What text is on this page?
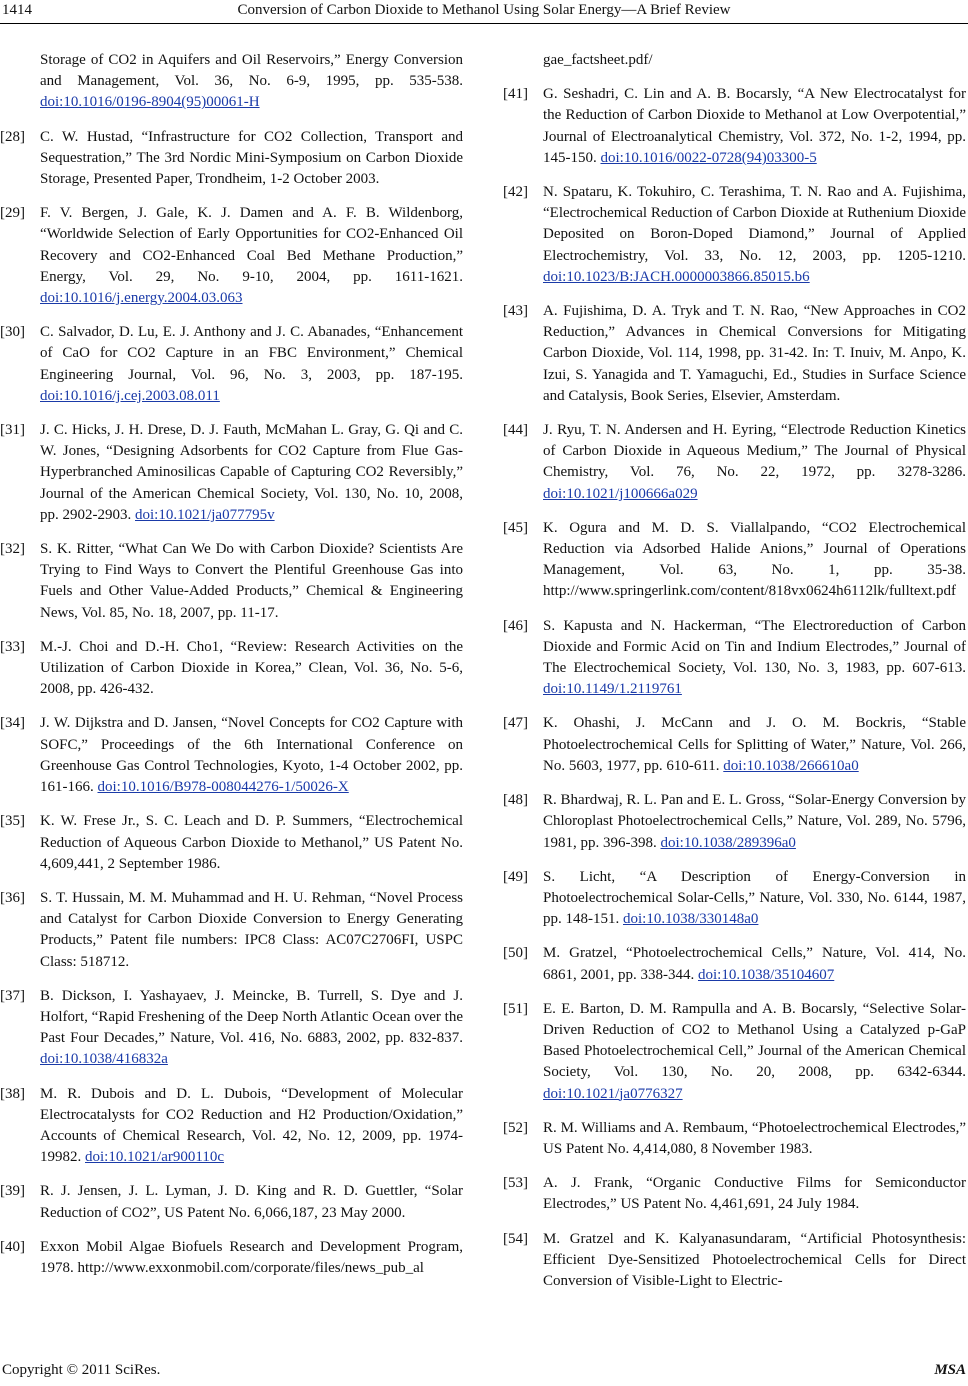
1414	Conversion of Carbon Dioxide to Methanol Using Solar Energy—A Brief Review
Storage of CO2 in Aquifers and Oil Reservoirs,” Energy Conversion and Management, Vol. 36, No. 6-9, 1995, pp. 535-538. doi:10.1016/0196-8904(95)00061-H
[28] C. W. Hustad, “Infrastructure for CO2 Collection, Transport and Sequestration,” The 3rd Nordic Mini-Symposium on Carbon Dioxide Storage, Presented Paper, Trondheim, 1-2 October 2003.
[29] F. V. Bergen, J. Gale, K. J. Damen and A. F. B. Wildenborg, “Worldwide Selection of Early Opportunities for CO2-Enhanced Oil Recovery and CO2-Enhanced Coal Bed Methane Production,” Energy, Vol. 29, No. 9-10, 2004, pp. 1611-1621. doi:10.1016/j.energy.2004.03.063
[30] C. Salvador, D. Lu, E. J. Anthony and J. C. Abanades, “Enhancement of CaO for CO2 Capture in an FBC Environment,” Chemical Engineering Journal, Vol. 96, No. 3, 2003, pp. 187-195. doi:10.1016/j.cej.2003.08.011
[31] J. C. Hicks, J. H. Drese, D. J. Fauth, McMahan L. Gray, G. Qi and C. W. Jones, “Designing Adsorbents for CO2 Capture from Flue Gas-Hyperbranched Aminosilicas Capable of Capturing CO2 Reversibly,” Journal of the American Chemical Society, Vol. 130, No. 10, 2008, pp. 2902-2903. doi:10.1021/ja077795v
[32] S. K. Ritter, “What Can We Do with Carbon Dioxide? Scientists Are Trying to Find Ways to Convert the Plentiful Greenhouse Gas into Fuels and Other Value-Added Products,” Chemical & Engineering News, Vol. 85, No. 18, 2007, pp. 11-17.
[33] M.-J. Choi and D.-H. Cho1, “Review: Research Activities on the Utilization of Carbon Dioxide in Korea,” Clean, Vol. 36, No. 5-6, 2008, pp. 426-432.
[34] J. W. Dijkstra and D. Jansen, “Novel Concepts for CO2 Capture with SOFC,” Proceedings of the 6th International Conference on Greenhouse Gas Control Technologies, Kyoto, 1-4 October 2002, pp. 161-166. doi:10.1016/B978-008044276-1/50026-X
[35] K. W. Frese Jr., S. C. Leach and D. P. Summers, “Electrochemical Reduction of Aqueous Carbon Dioxide to Methanol,” US Patent No. 4,609,441, 2 September 1986.
[36] S. T. Hussain, M. M. Muhammad and H. U. Rehman, “Novel Process and Catalyst for Carbon Dioxide Conversion to Energy Generating Products,” Patent file numbers: IPC8 Class: AC07C2706FI, USPC Class: 518712.
[37] B. Dickson, I. Yashayaev, J. Meincke, B. Turrell, S. Dye and J. Holfort, “Rapid Freshening of the Deep North Atlantic Ocean over the Past Four Decades,” Nature, Vol. 416, No. 6883, 2002, pp. 832-837. doi:10.1038/416832a
[38] M. R. Dubois and D. L. Dubois, “Development of Molecular Electrocatalysts for CO2 Reduction and H2 Production/Oxidation,” Accounts of Chemical Research, Vol. 42, No. 12, 2009, pp. 1974-19982. doi:10.1021/ar900110c
[39] R. J. Jensen, J. L. Lyman, J. D. King and R. D. Guettler, “Solar Reduction of CO2”, US Patent No. 6,066,187, 23 May 2000.
[40] Exxon Mobil Algae Biofuels Research and Development Program, 1978. http://www.exxonmobil.com/corporate/files/news_pub_al
gae_factsheet.pdf/
[41] G. Seshadri, C. Lin and A. B. Bocarsly, “A New Electrocatalyst for the Reduction of Carbon Dioxide to Methanol at Low Overpotential,” Journal of Electroanalytical Chemistry, Vol. 372, No. 1-2, 1994, pp. 145-150. doi:10.1016/0022-0728(94)03300-5
[42] N. Spataru, K. Tokuhiro, C. Terashima, T. N. Rao and A. Fujishima, “Electrochemical Reduction of Carbon Dioxide at Ruthenium Dioxide Deposited on Boron-Doped Diamond,” Journal of Applied Electrochemistry, Vol. 33, No. 12, 2003, pp. 1205-1210. doi:10.1023/B:JACH.0000003866.85015.b6
[43] A. Fujishima, D. A. Tryk and T. N. Rao, “New Approaches in CO2 Reduction,” Advances in Chemical Conversions for Mitigating Carbon Dioxide, Vol. 114, 1998, pp. 31-42. In: T. Inuiv, M. Anpo, K. Izui, S. Yanagida and T. Yamaguchi, Ed., Studies in Surface Science and Catalysis, Book Series, Elsevier, Amsterdam.
[44] J. Ryu, T. N. Andersen and H. Eyring, “Electrode Reduction Kinetics of Carbon Dioxide in Aqueous Medium,” The Journal of Physical Chemistry, Vol. 76, No. 22, 1972, pp. 3278-3286. doi:10.1021/j100666a029
[45] K. Ogura and M. D. S. Viallalpando, “CO2 Electrochemical Reduction via Adsorbed Halide Anions,” Journal of Operations Management, Vol. 63, No. 1, pp. 35-38. http://www.springerlink.com/content/818vx0624h6112lk/fulltext.pdf
[46] S. Kapusta and N. Hackerman, “The Electroreduction of Carbon Dioxide and Formic Acid on Tin and Indium Electrodes,” Journal of The Electrochemical Society, Vol. 130, No. 3, 1983, pp. 607-613. doi:10.1149/1.2119761
[47] K. Ohashi, J. McCann and J. O. M. Bockris, “Stable Photoelectrochemical Cells for Splitting of Water,” Nature, Vol. 266, No. 5603, 1977, pp. 610-611. doi:10.1038/266610a0
[48] R. Bhardwaj, R. L. Pan and E. L. Gross, “Solar-Energy Conversion by Chloroplast Photoelectrochemical Cells,” Nature, Vol. 289, No. 5796, 1981, pp. 396-398. doi:10.1038/289396a0
[49] S. Licht, “A Description of Energy-Conversion in Photoelectrochemical Solar-Cells,” Nature, Vol. 330, No. 6144, 1987, pp. 148-151. doi:10.1038/330148a0
[50] M. Gratzel, “Photoelectrochemical Cells,” Nature, Vol. 414, No. 6861, 2001, pp. 338-344. doi:10.1038/35104607
[51] E. E. Barton, D. M. Rampulla and A. B. Bocarsly, “Selective Solar-Driven Reduction of CO2 to Methanol Using a Catalyzed p-GaP Based Photoelectrochemical Cell,” Journal of the American Chemical Society, Vol. 130, No. 20, 2008, pp. 6342-6344. doi:10.1021/ja0776327
[52] R. M. Williams and A. Rembaum, “Photoelectrochemical Electrodes,” US Patent No. 4,414,080, 8 November 1983.
[53] A. J. Frank, “Organic Conductive Films for Semiconductor Electrodes,” US Patent No. 4,461,691, 24 July 1984.
[54] M. Gratzel and K. Kalyanasundaram, “Artificial Photosynthesis: Efficient Dye-Sensitized Photoelectrochemical Cells for Direct Conversion of Visible-Light to Electric-
Copyright © 2011 SciRes.	MSA
